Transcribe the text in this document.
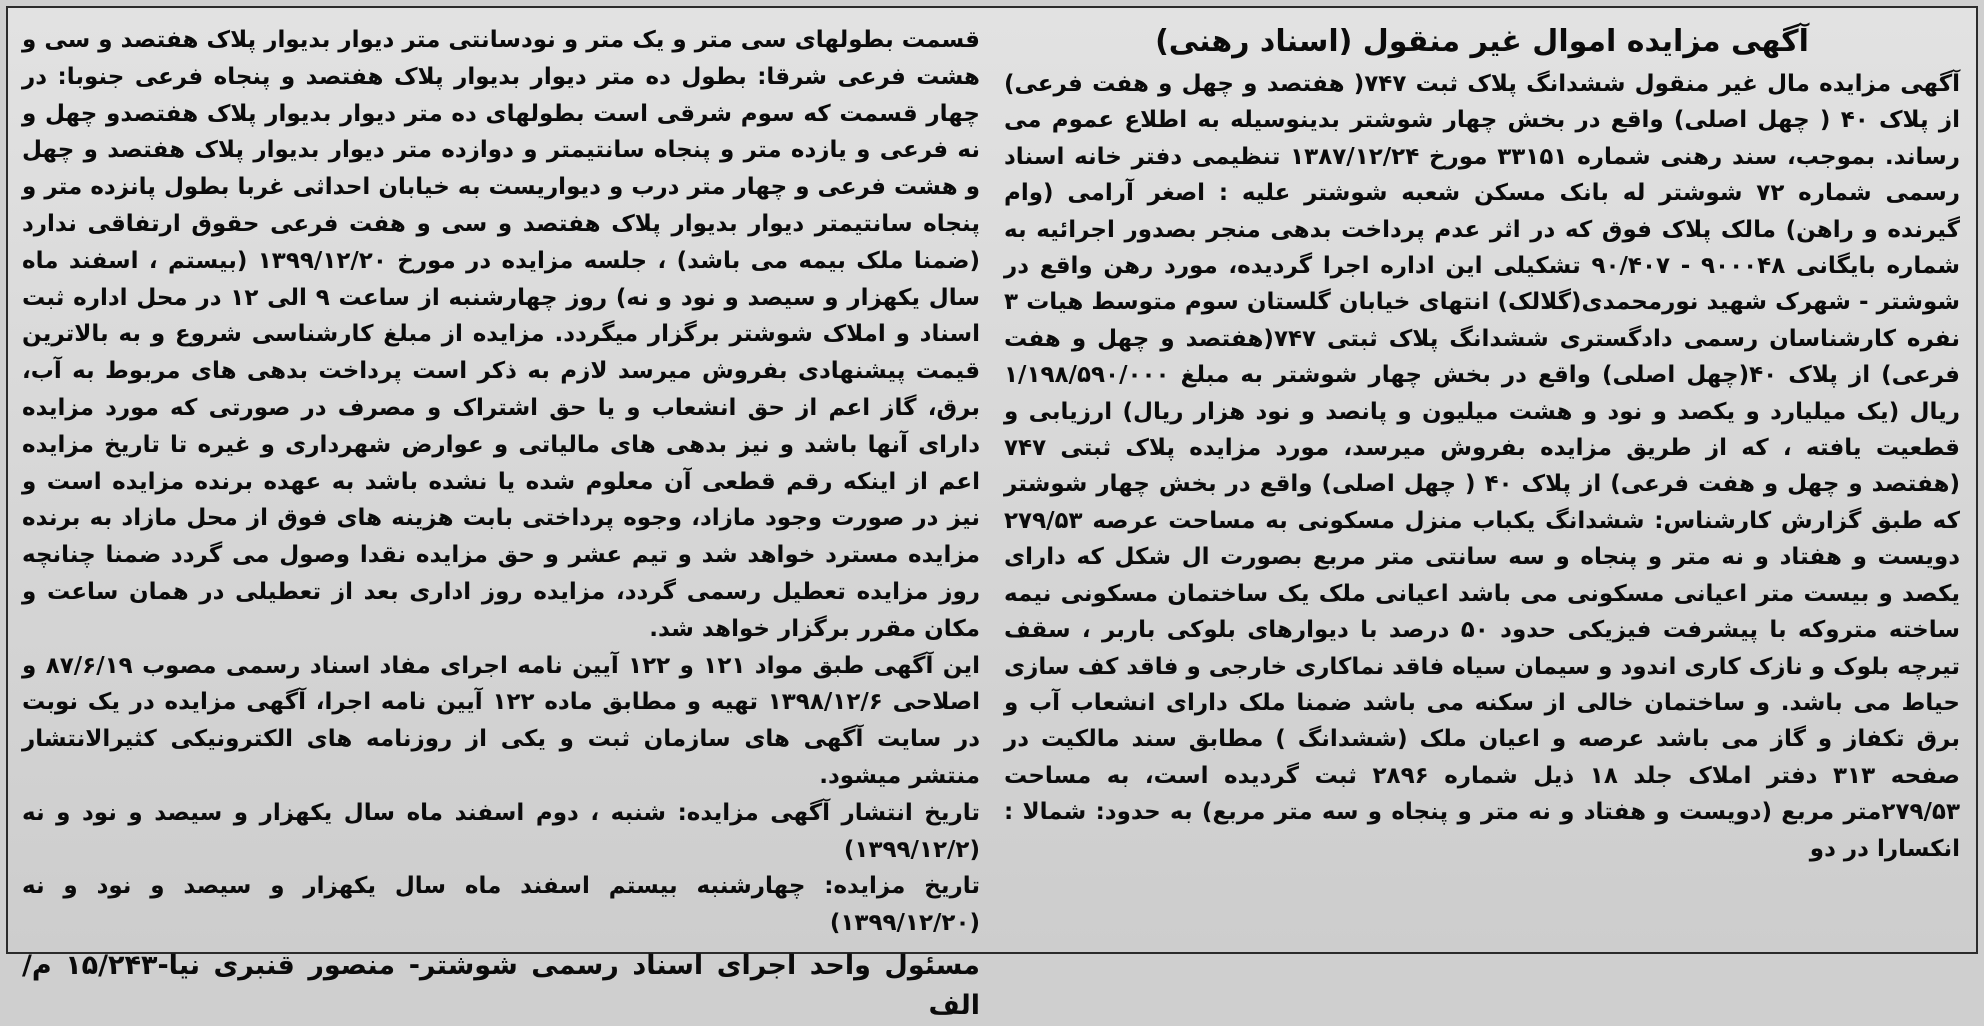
آگهی مزایده اموال غیر منقول (اسناد رهنی)
آگهی مزایده مال غیر منقول ششدانگ پلاک ثبت ۷۴۷( هفتصد و چهل و هفت فرعی) از پلاک ۴۰ ( چهل اصلی) واقع در بخش چهار شوشتر بدینوسیله به اطلاع عموم می رساند. بموجب، سند رهنی شماره ۳۳۱۵۱ مورخ ۱۳۸۷/۱۲/۲۴ تنظیمی دفتر خانه اسناد رسمی شماره ۷۲ شوشتر له بانک مسکن شعبه شوشتر علیه : اصغر آرامی (وام گیرنده و راهن) مالک پلاک فوق که در اثر عدم پرداخت بدهی منجر بصدور اجرائیه به شماره بایگانی ۹۰۰۰۴۸ - ۹۰/۴۰۷ تشکیلی این اداره اجرا گردیده، مورد رهن واقع در شوشتر - شهرک شهید نورمحمدی(گلالک) انتهای خیابان گلستان سوم متوسط هیات ۳ نفره کارشناسان رسمی دادگستری ششدانگ پلاک ثبتی ۷۴۷(هفتصد و چهل و هفت فرعی) از پلاک ۴۰(چهل اصلی) واقع در بخش چهار شوشتر به مبلغ ۱/۱۹۸/۵۹۰/۰۰۰ ریال (یک میلیارد و یکصد و نود و هشت میلیون و پانصد و نود هزار ریال) ارزیابی و قطعیت یافته ، که از طریق مزایده بفروش میرسد، مورد مزایده پلاک ثبتی ۷۴۷ (هفتصد و چهل و هفت فرعی) از پلاک ۴۰ ( چهل اصلی) واقع در بخش چهار شوشتر که طبق گزارش کارشناس: ششدانگ یکباب منزل مسکونی به مساحت عرصه ۲۷۹/۵۳ دویست و هفتاد و نه متر و پنجاه و سه سانتی متر مربع بصورت ال شکل که دارای یکصد و بیست متر اعیانی مسکونی می باشد اعیانی ملک یک ساختمان مسکونی نیمه ساخته متروکه با پیشرفت فیزیکی حدود ۵۰ درصد با دیوارهای بلوکی باربر ، سقف تیرچه بلوک و نازک کاری اندود و سیمان سیاه فاقد نماکاری خارجی و فاقد کف سازی حیاط می باشد. و ساختمان خالی از سکنه می باشد ضمنا ملک دارای انشعاب آب و برق تکفاز و گاز می باشد عرصه و اعیان ملک (ششدانگ ) مطابق سند مالکیت در صفحه ۳۱۳ دفتر املاک جلد ۱۸ ذیل شماره ۲۸۹۶ ثبت گردیده است، به مساحت ۲۷۹/۵۳متر مربع (دویست و هفتاد و نه متر و پنجاه و سه متر مربع) به حدود: شمالا : انکسارا در دو
قسمت بطولهای سی متر و یک متر و نودسانتی متر دیوار بدیوار پلاک هفتصد و سی و هشت فرعی شرقا: بطول ده متر دیوار بدیوار پلاک هفتصد و پنجاه فرعی جنوبا: در چهار قسمت که سوم شرقی است بطولهای ده متر دیوار بدیوار پلاک هفتصدو چهل و نه فرعی و یازده متر و پنجاه سانتیمتر و دوازده متر دیوار بدیوار پلاک هفتصد و چهل و هشت فرعی و چهار متر درب و دیواریست به خیابان احداثی غربا بطول پانزده متر و پنجاه سانتیمتر دیوار بدیوار پلاک هفتصد و سی و هفت فرعی حقوق ارتفاقی ندارد (ضمنا ملک بیمه می باشد) ، جلسه مزایده در مورخ ۱۳۹۹/۱۲/۲۰ (بیستم ، اسفند ماه سال یکهزار و سیصد و نود و نه) روز چهارشنبه از ساعت ۹ الی ۱۲ در محل اداره ثبت اسناد و املاک شوشتر برگزار میگردد. مزایده از مبلغ کارشناسی شروع و به بالاترین قیمت پیشنهادی بفروش میرسد لازم به ذکر است پرداخت بدهی های مربوط به آب، برق، گاز اعم از حق انشعاب و یا حق اشتراک و مصرف در صورتی که مورد مزایده دارای آنها باشد و نیز بدهی های مالیاتی و عوارض شهرداری و غیره تا تاریخ مزایده اعم از اینکه رقم قطعی آن معلوم شده یا نشده باشد به عهده برنده مزایده است و نیز در صورت وجود مازاد، وجوه پرداختی بابت هزینه های فوق از محل مازاد به برنده مزایده مسترد خواهد شد و تیم عشر و حق مزایده نقدا وصول می گردد ضمنا چنانچه روز مزایده تعطیل رسمی گردد، مزایده روز اداری بعد از تعطیلی در همان ساعت و مکان مقرر برگزار خواهد شد.
این آگهی طبق مواد ۱۲۱ و ۱۲۲ آیین نامه اجرای مفاد اسناد رسمی مصوب ۸۷/۶/۱۹ و اصلاحی ۱۳۹۸/۱۲/۶ تهیه و مطابق ماده ۱۲۲ آیین نامه اجرا، آگهی مزایده در یک نوبت در سایت آگهی های سازمان ثبت و یکی از روزنامه های الکترونیکی کثیرالانتشار منتشر میشود.
تاریخ انتشار آگهی مزایده: شنبه ، دوم اسفند ماه سال یکهزار و سیصد و نود و نه (۱۳۹۹/۱۲/۲)
تاریخ مزایده: چهارشنبه بیستم اسفند ماه سال یکهزار و سیصد و نود و نه (۱۳۹۹/۱۲/۲۰)
مسئول واحد اجرای اسناد رسمی شوشتر- منصور قنبری نیا-۱۵/۲۴۳ م/الف
